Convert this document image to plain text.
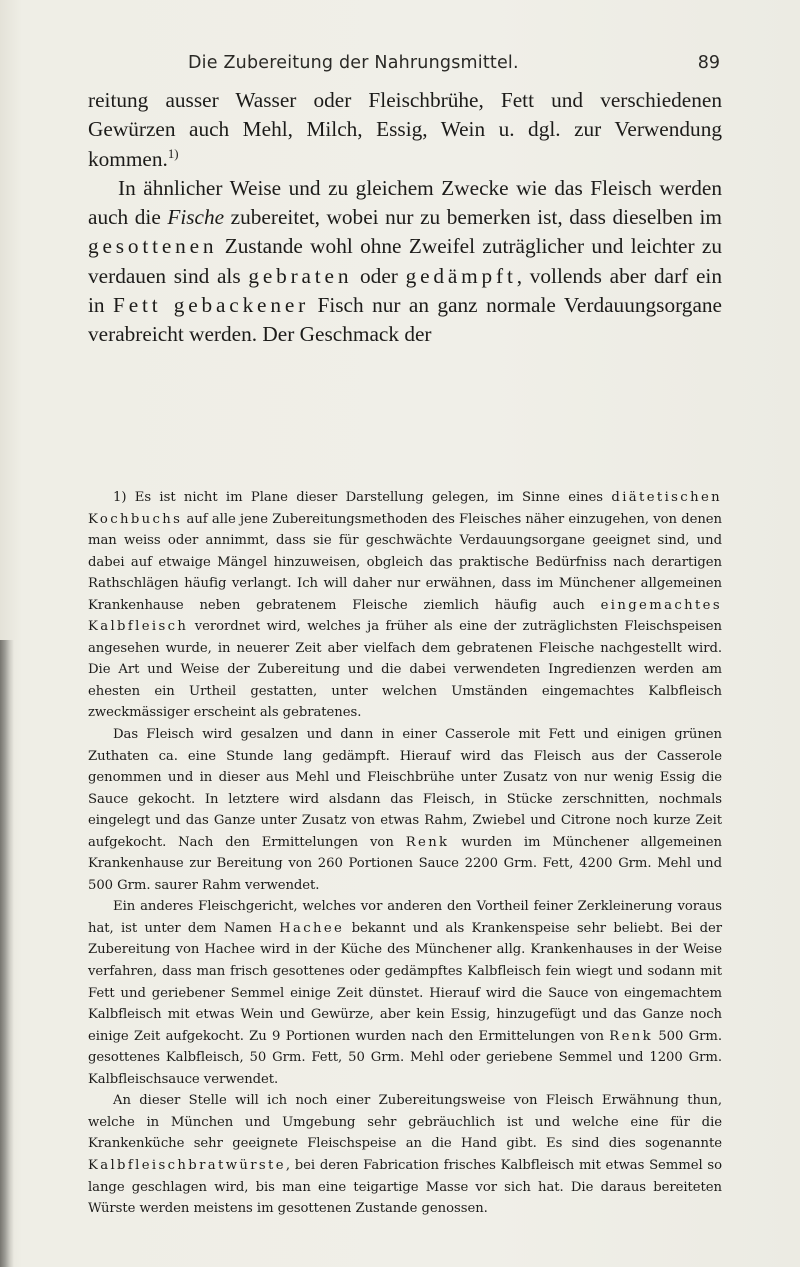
Die Zubereitung der Nahrungsmittel.	89

reitung ausser Wasser oder Fleischbrühe, Fett und verschiedenen Gewürzen auch Mehl, Milch, Essig, Wein u. dgl. zur Verwendung kommen.$^{1)}$

In ähnlicher Weise und zu gleichem Zwecke wie das Fleisch werden auch die Fische zubereitet, wobei nur zu bemerken ist, dass dieselben im gesottenen Zustande wohl ohne Zweifel zuträglicher und leichter zu verdauen sind als gebraten oder gedämpft, vollends aber darf ein in Fett gebackener Fisch nur an ganz normale Verdauungsorgane verabreicht werden. Der Geschmack der

1) Es ist nicht im Plane dieser Darstellung gelegen, im Sinne eines diätetischen Kochbuchs auf alle jene Zubereitungsmethoden des Fleisches näher einzugehen, von denen man weiss oder annimmt, dass sie für geschwächte Verdauungsorgane geeignet sind, und dabei auf etwaige Mängel hinzuweisen, obgleich das praktische Bedürfniss nach derartigen Rathschlägen häufig verlangt. Ich will daher nur erwähnen, dass im Münchener allgemeinen Krankenhause neben gebratenem Fleische ziemlich häufig auch eingemachtes Kalbfleisch verordnet wird, welches ja früher als eine der zuträglichsten Fleischspeisen angesehen wurde, in neuerer Zeit aber vielfach dem gebratenen Fleische nachgestellt wird. Die Art und Weise der Zubereitung und die dabei verwendeten Ingredienzen werden am ehesten ein Urtheil gestatten, unter welchen Umständen eingemachtes Kalbfleisch zweckmässiger erscheint als gebratenes.

Das Fleisch wird gesalzen und dann in einer Casserole mit Fett und einigen grünen Zuthaten ca. eine Stunde lang gedämpft. Hierauf wird das Fleisch aus der Casserole genommen und in dieser aus Mehl und Fleischbrühe unter Zusatz von nur wenig Essig die Sauce gekocht. In letztere wird alsdann das Fleisch, in Stücke zerschnitten, nochmals eingelegt und das Ganze unter Zusatz von etwas Rahm, Zwiebel und Citrone noch kurze Zeit aufgekocht. Nach den Ermittelungen von Renk wurden im Münchener allgemeinen Krankenhause zur Bereitung von 260 Portionen Sauce 2200 Grm. Fett, 4200 Grm. Mehl und 500 Grm. saurer Rahm verwendet.

Ein anderes Fleischgericht, welches vor anderen den Vortheil feiner Zerkleinerung voraus hat, ist unter dem Namen Hachee bekannt und als Krankenspeise sehr beliebt. Bei der Zubereitung von Hachee wird in der Küche des Münchener allg. Krankenhauses in der Weise verfahren, dass man frisch gesottenes oder gedämpftes Kalbfleisch fein wiegt und sodann mit Fett und geriebener Semmel einige Zeit dünstet. Hierauf wird die Sauce von eingemachtem Kalbfleisch mit etwas Wein und Gewürze, aber kein Essig, hinzugefügt und das Ganze noch einige Zeit aufgekocht. Zu 9 Portionen wurden nach den Ermittelungen von Renk 500 Grm. gesottenes Kalbfleisch, 50 Grm. Fett, 50 Grm. Mehl oder geriebene Semmel und 1200 Grm. Kalbfleischsauce verwendet.

An dieser Stelle will ich noch einer Zubereitungsweise von Fleisch Erwähnung thun, welche in München und Umgebung sehr gebräuchlich ist und welche eine für die Krankenküche sehr geeignete Fleischspeise an die Hand gibt. Es sind dies sogenannte Kalbfleischbratwürste, bei deren Fabrication frisches Kalbfleisch mit etwas Semmel so lange geschlagen wird, bis man eine teigartige Masse vor sich hat. Die daraus bereiteten Würste werden meistens im gesottenen Zustande genossen.
